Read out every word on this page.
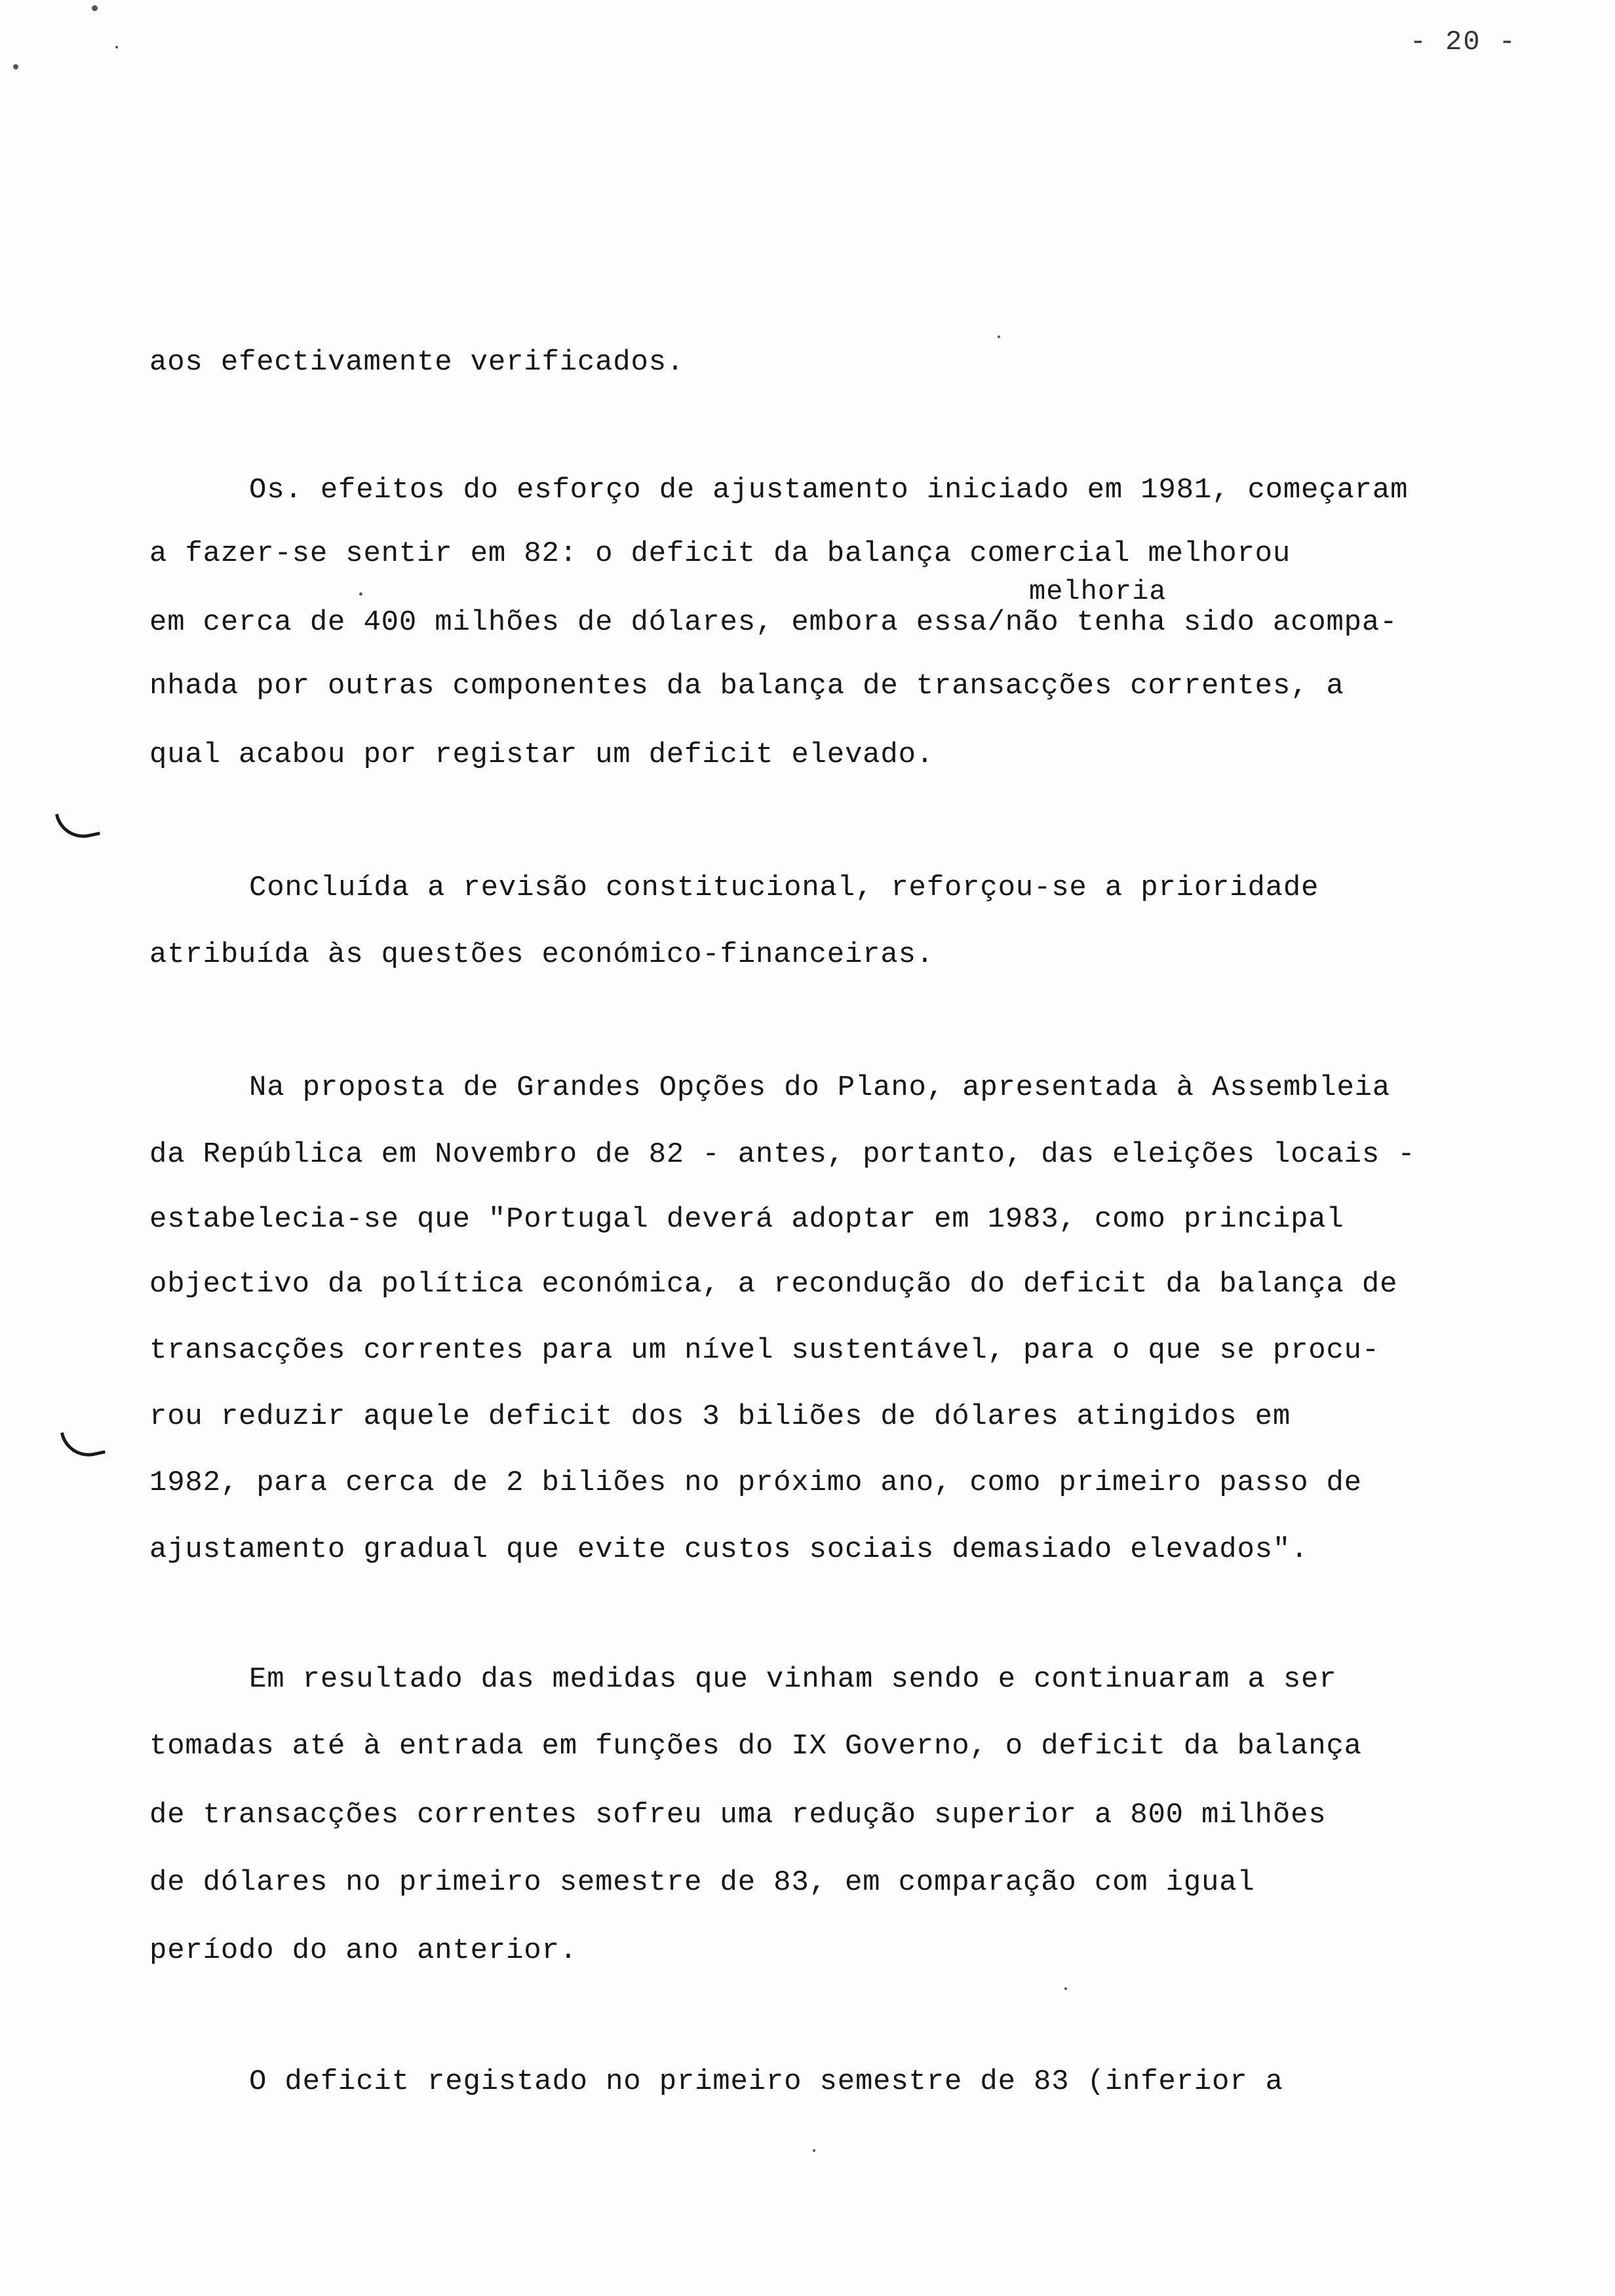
- 20 -
aos efectivamente verificados.
Os. efeitos do esforço de ajustamento iniciado em 1981, começaram
a fazer-se sentir em 82: o deficit da balança comercial melhorou
melhoria
em cerca de 400 milhões de dólares, embora essa/não tenha sido acompa-
nhada por outras componentes da balança de transacções correntes, a
qual acabou por registar um deficit elevado.
Concluída a revisão constitucional, reforçou-se a prioridade
atribuída às questões económico-financeiras.
Na proposta de Grandes Opções do Plano, apresentada à Assembleia
da República em Novembro de 82 - antes, portanto, das eleições locais -
estabelecia-se que "Portugal deverá adoptar em 1983, como principal
objectivo da política económica, a recondução do deficit da balança de
transacções correntes para um nível sustentável, para o que se procu-
rou reduzir aquele deficit dos 3 biliões de dólares atingidos em
1982, para cerca de 2 biliões no próximo ano, como primeiro passo de
ajustamento gradual que evite custos sociais demasiado elevados".
Em resultado das medidas que vinham sendo e continuaram a ser
tomadas até à entrada em funções do IX Governo, o deficit da balança
de transacções correntes sofreu uma redução superior a 800 milhões
de dólares no primeiro semestre de 83, em comparação com igual
período do ano anterior.
O deficit registado no primeiro semestre de 83 (inferior a
